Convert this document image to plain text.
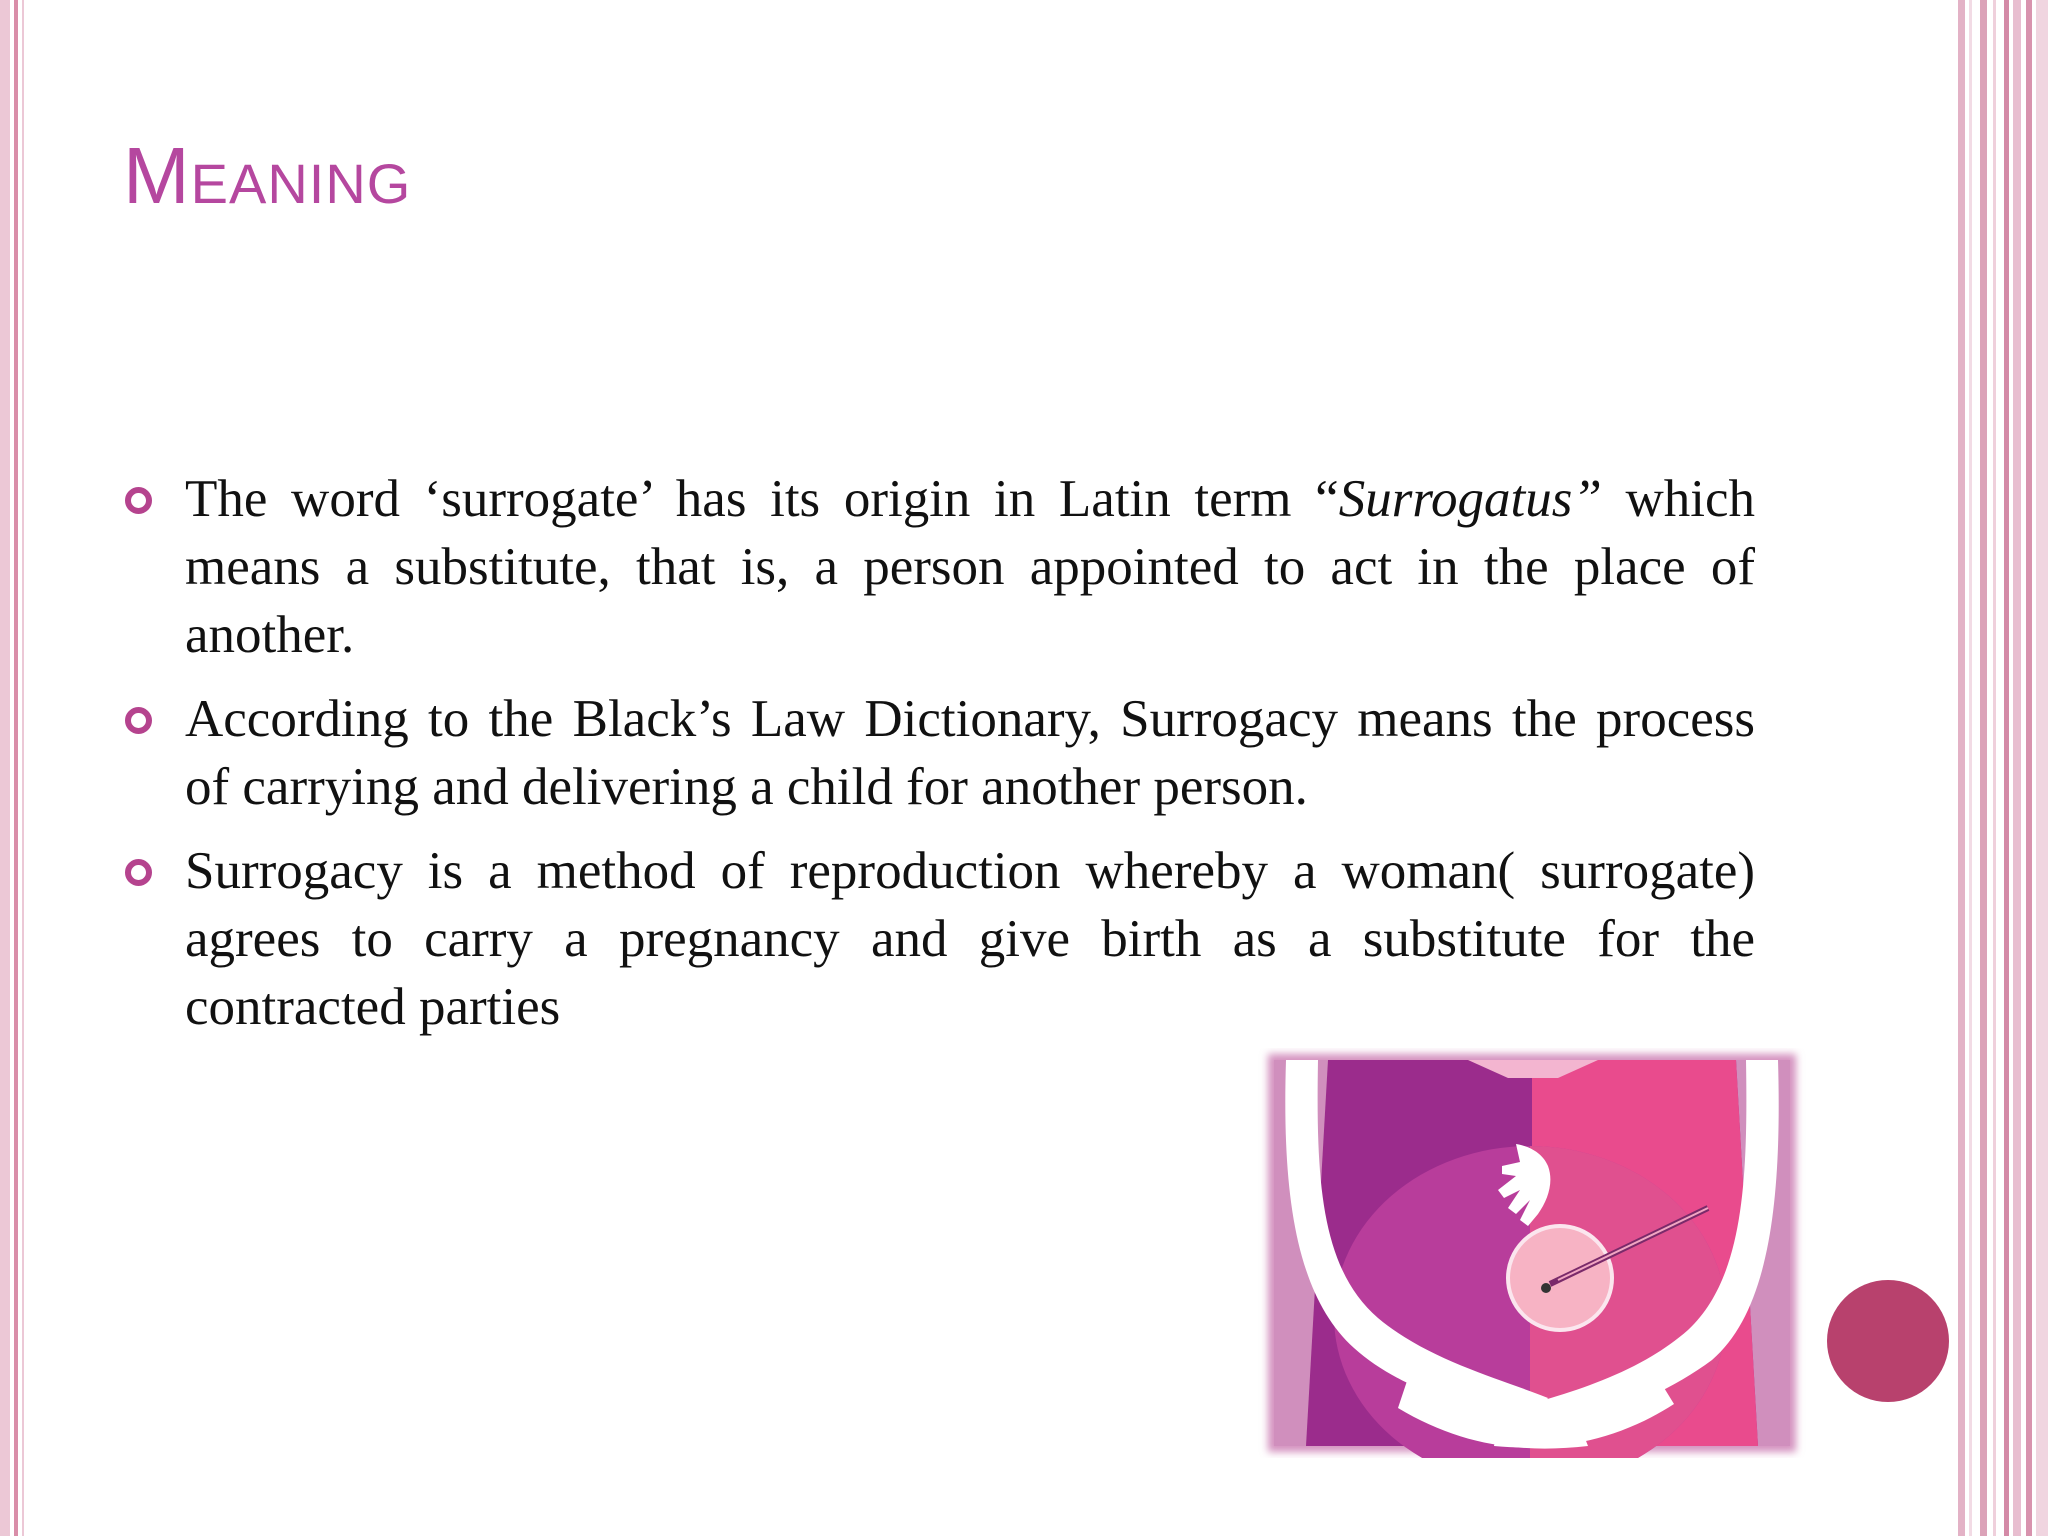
Meaning
The word ‘surrogate’ has its origin in Latin term “Surrogatus” which means a substitute, that is, a person appointed to act in the place of another.
According to the Black’s Law Dictionary, Surrogacy means the process of carrying and delivering a child for another person.
Surrogacy is a method of reproduction whereby a woman( surrogate) agrees to carry a pregnancy and give birth as a substitute for the contracted parties
